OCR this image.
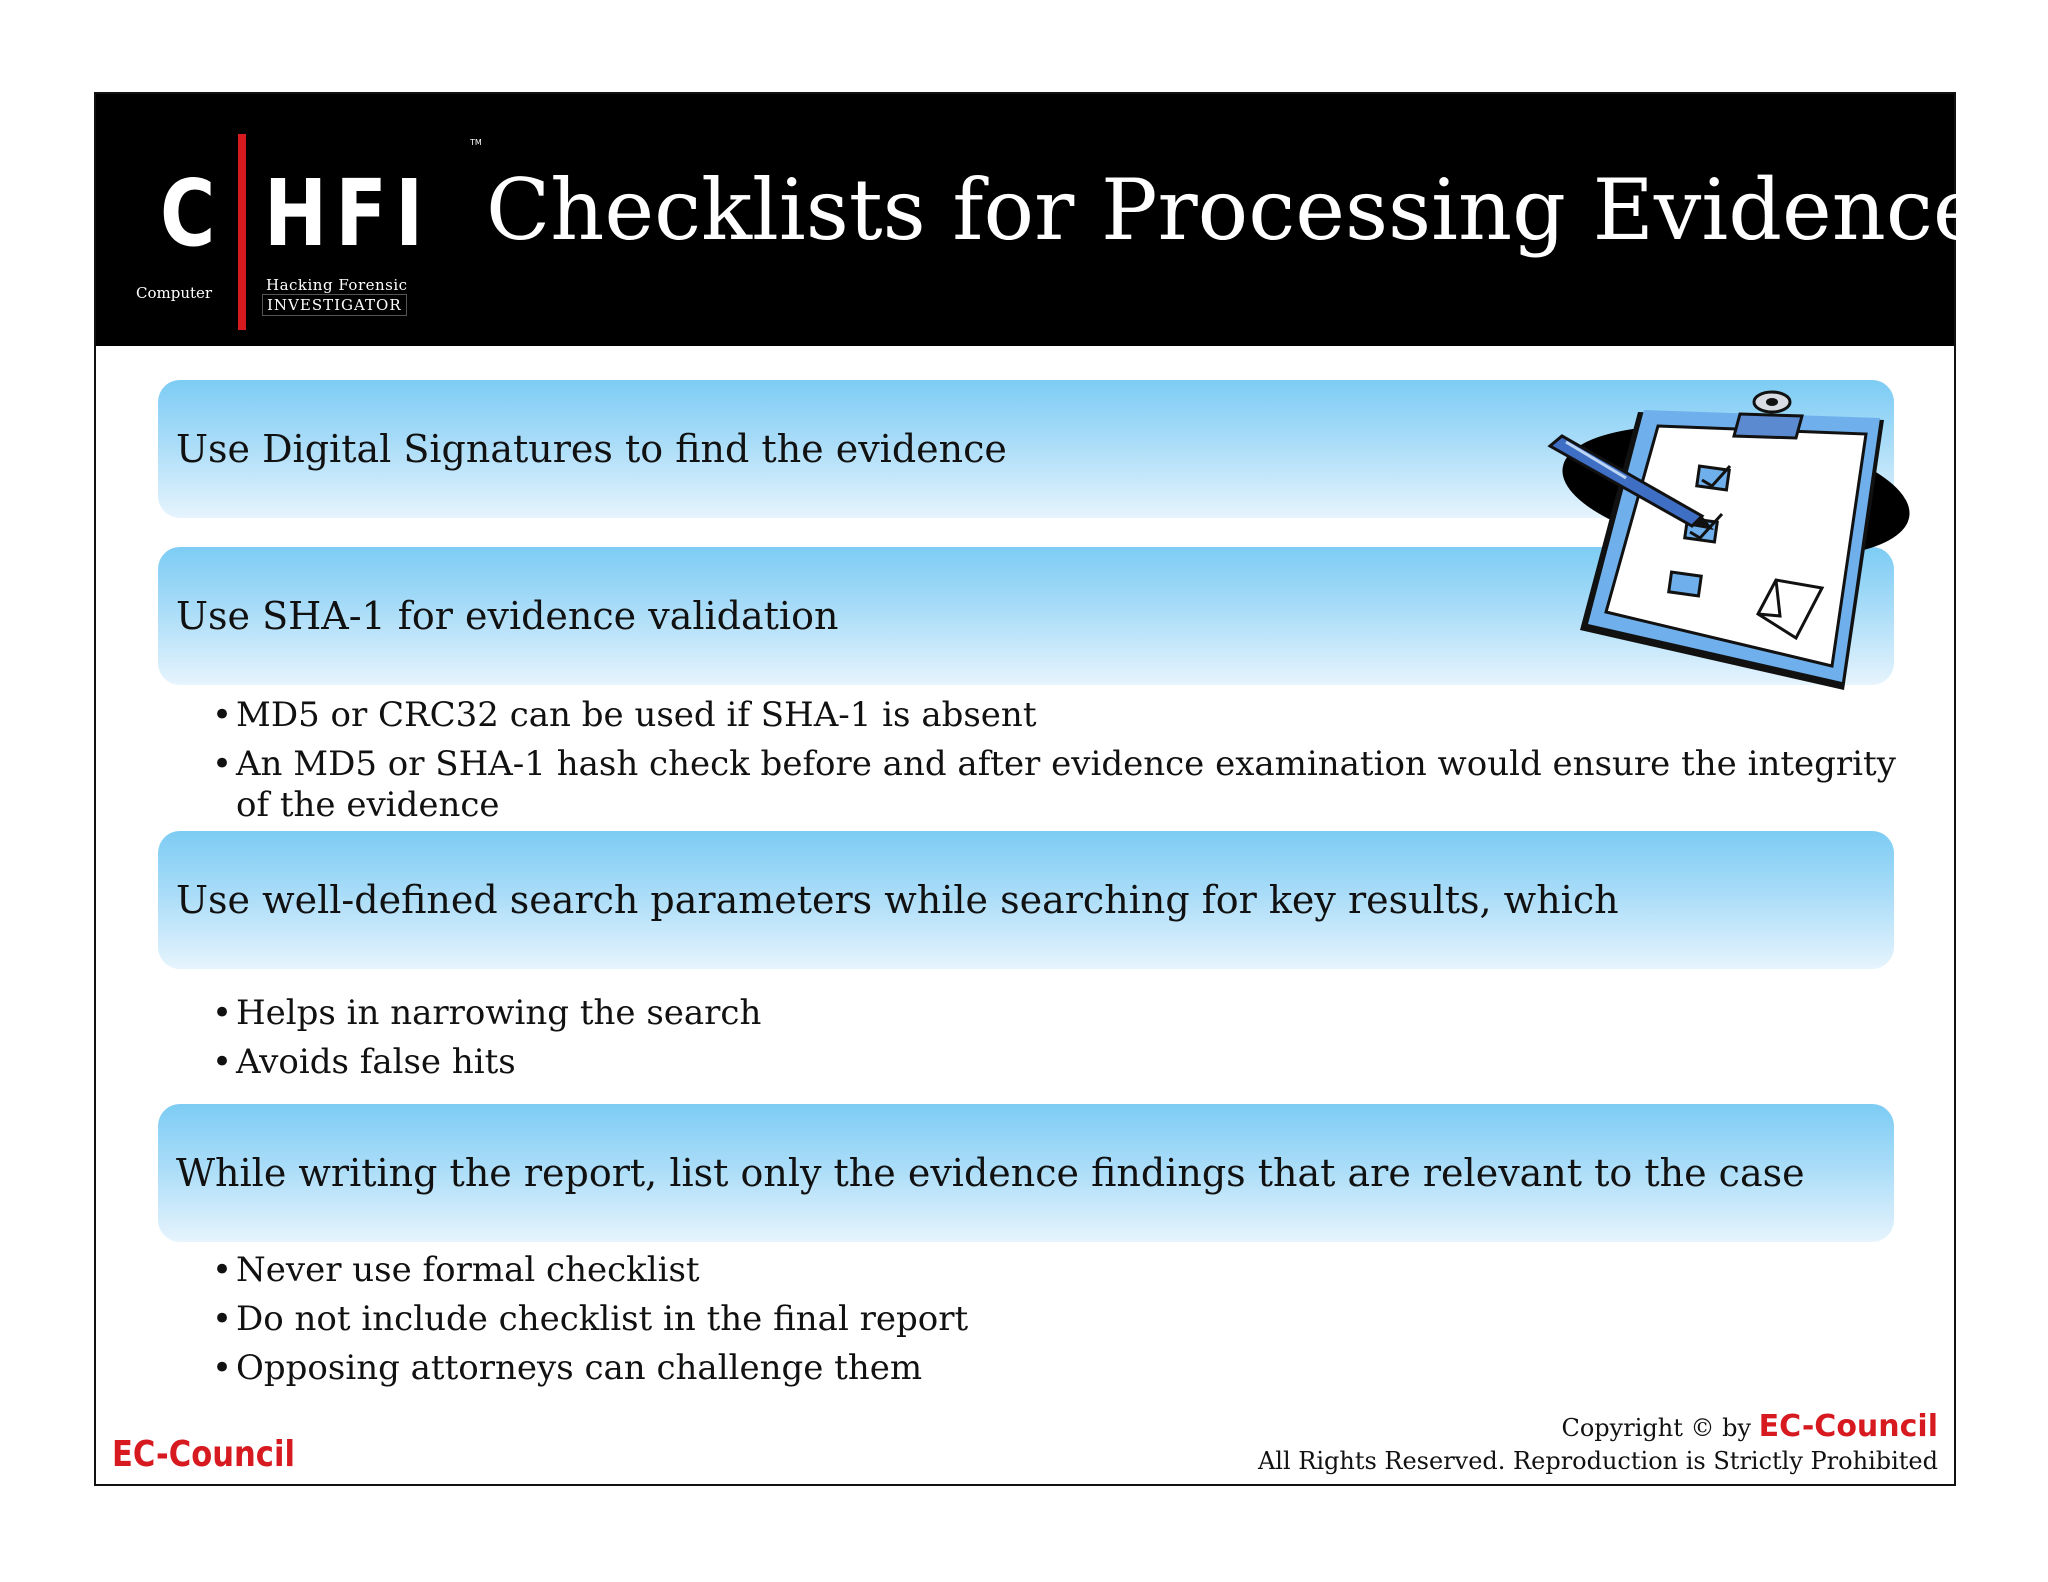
C HFI
TM
Computer	Hacking Forensic
INVESTIGATOR
Checklists for Processing Evidence
Use Digital Signatures to find the evidence
Use SHA-1 for evidence validation
• MD5 or CRC32 can be used if SHA-1 is absent
• An MD5 or SHA-1 hash check before and after evidence examination would ensure the integrity of the evidence
Use well-defined search parameters while searching for key results, which
• Helps in narrowing the search
• Avoids false hits
While writing the report, list only the evidence findings that are relevant to the case
• Never use formal checklist
• Do not include checklist in the final report
• Opposing attorneys can challenge them
EC-Council
Copyright © by EC-Council
All Rights Reserved. Reproduction is Strictly Prohibited
